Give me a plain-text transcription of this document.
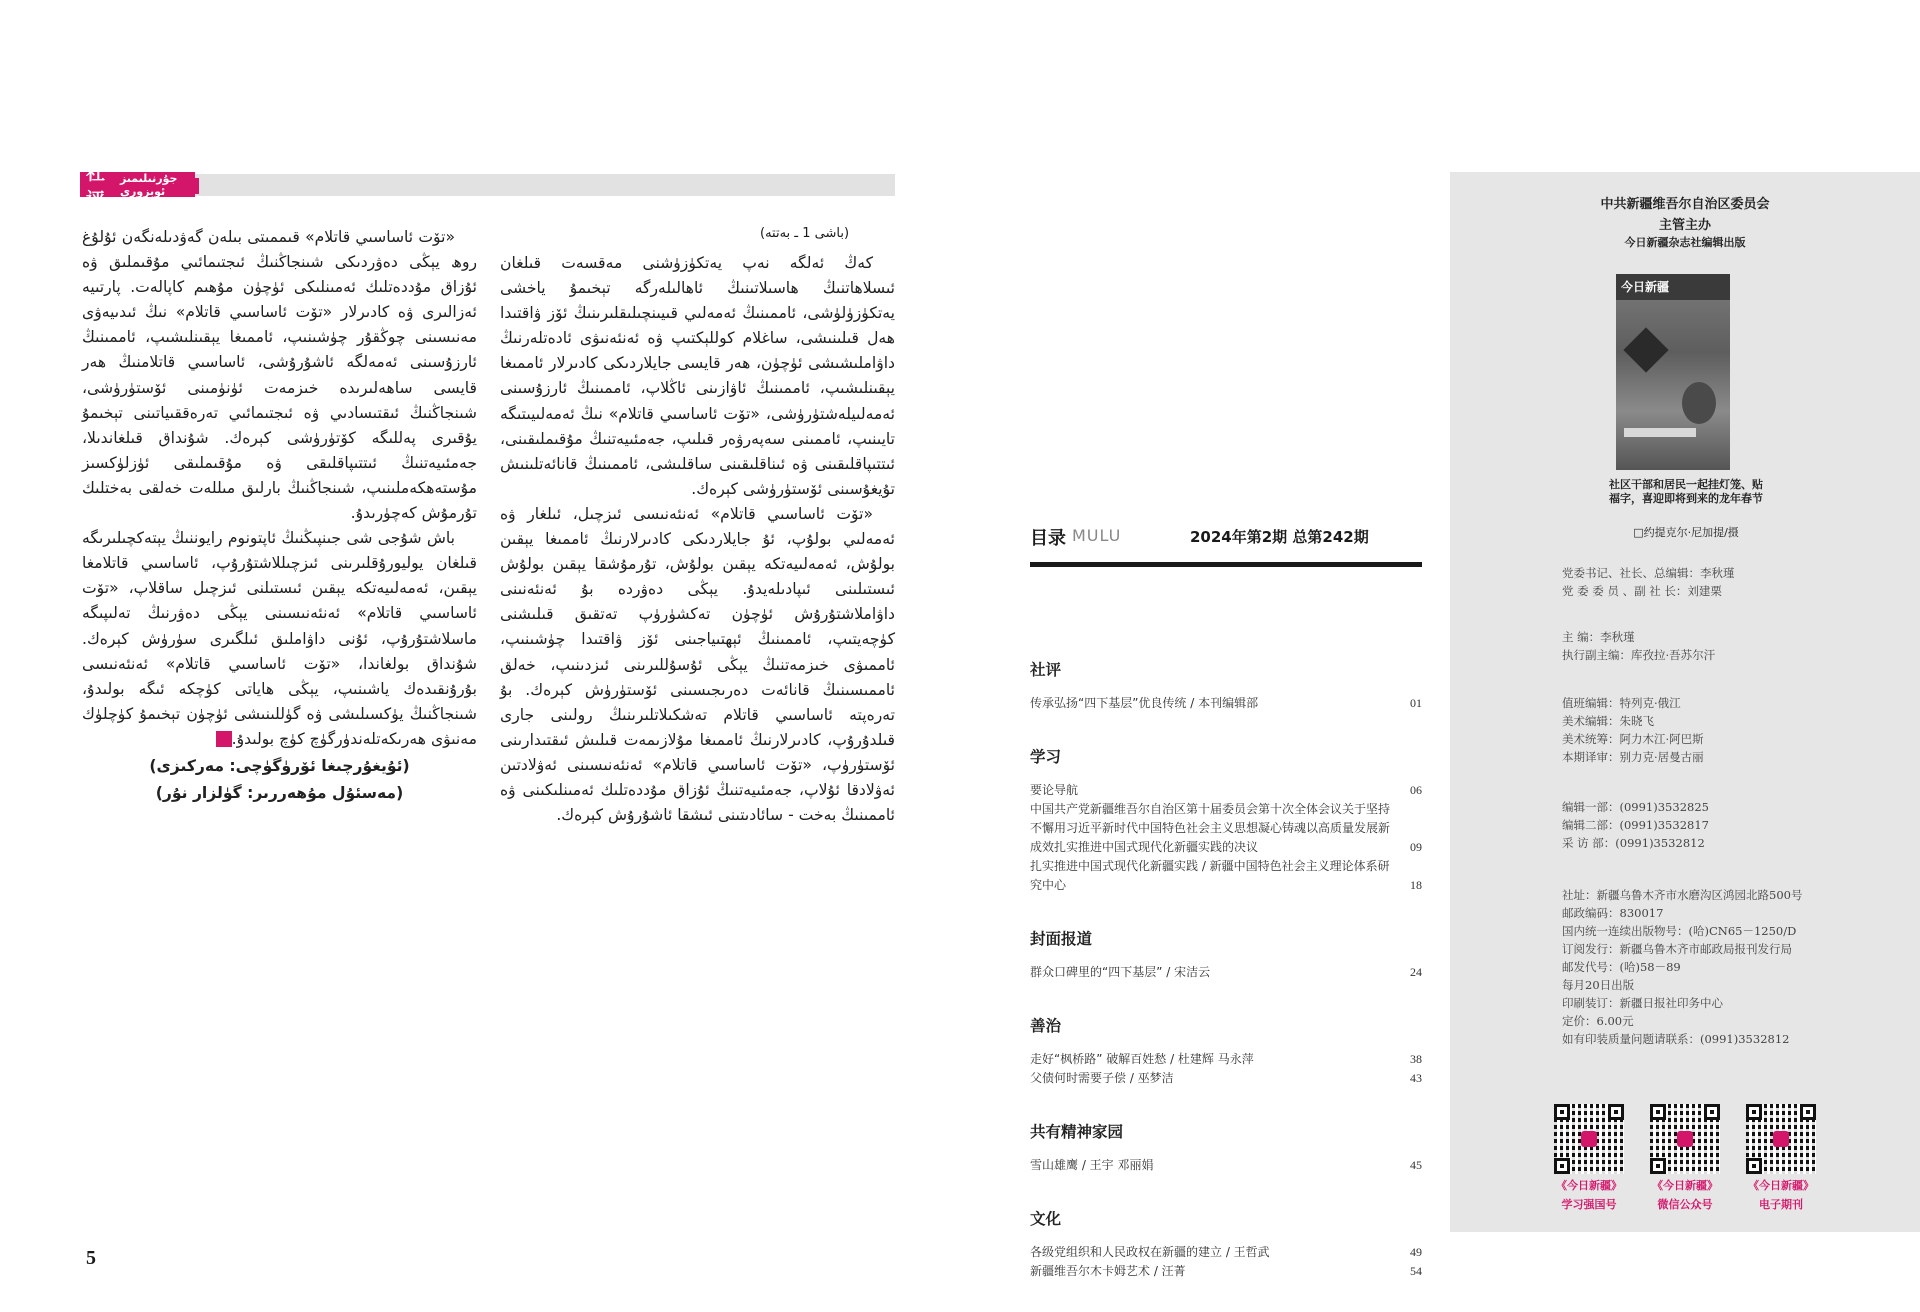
社评
جۇرنىلىمىز ئوبزورى
(باشى 1 ـ بەتتە)

كەڭ ئەلگە نەپ يەتكۈزۈشنى مەقسەت قىلغان ئىسلاھاتنىڭ ھاسىلاتىنىڭ ئاھالىلەرگە تېخىمۇ ياخشى يەتكۈزۈلۈشى، ئاممىنىڭ ئەمەلىي قىيىنچىلىقلىرىنىڭ ئۆز ۋاقتىدا ھەل قىلىنىشى، ساغلام كوللېكتىپ ۋە ئەنئەنىۋى ئادەتلەرنىڭ داۋاملىشىشى ئۈچۈن، ھەر قايسى جايلاردىكى كادىرلار ئاممىغا يېقىنلىشىپ، ئاممىنىڭ ئاۋازىنى ئاڭلاپ، ئاممىنىڭ ئارزۇسىنى ئەمەلىيلەشتۈرۈشى، «تۆت ئاساسىي قاتلام» نىڭ ئەمەلىيىتىگە تايىنىپ، ئاممىنى سەپەرۋەر قىلىپ، جەمئىيەتنىڭ مۇقىملىقىنى، ئىتتىپاقلىقىنى ۋە ئىناقلىقىنى ساقلىشى، ئاممىنىڭ قانائەتلىنىش تۇيغۇسىنى ئۆستۈرۈشى كېرەك.

«تۆت ئاساسىي قاتلام» ئەنئەنىسى ئىزچىل، ئىلغار ۋە ئەمەلىي بولۇپ، ئۇ جايلاردىكى كادىرلارنىڭ ئاممىغا يېقىن بولۇش، ئەمەلىيەتكە يېقىن بولۇش، تۇرمۇشقا يېقىن بولۇش ئىستىلىنى ئىپادىلەيدۇ. يېڭى دەۋردە بۇ ئەنئەنىنى داۋاملاشتۇرۇش ئۈچۈن تەكشۈرۈپ تەتقىق قىلىشنى كۈچەيتىپ، ئاممىنىڭ ئېھتىياجىنى ئۆز ۋاقتىدا چۈشىنىپ، ئاممىۋى خىزمەتنىڭ يېڭى ئۇسۇللىرىنى ئىزدىنىپ، خەلق ئاممىسىنىڭ قانائەت دەرىجىسىنى ئۆستۈرۈش كېرەك. بۇ تەرەپتە ئاساسىي قاتلام تەشكىلاتلىرىنىڭ رولىنى جارى قىلدۇرۇپ، كادىرلارنىڭ ئاممىغا مۇلازىمەت قىلىش ئىقتىدارىنى ئۆستۈرۈپ، «تۆت ئاساسىي قاتلام» ئەنئەنىسىنى ئەۋلادتىن ئەۋلادقا ئۇلاپ، جەمئىيەتنىڭ ئۇزاق مۇددەتلىك ئەمىنلىكىنى ۋە ئاممىنىڭ بەخت - سائادىتىنى ئىشقا ئاشۇرۇش كېرەك.

«تۆت ئاساسىي قاتلام» قىممىتى بىلەن گەۋدىلەنگەن ئۇلۇغ روھ يېڭى دەۋردىكى شىنجاڭنىڭ ئىجتىمائىي مۇقىملىق ۋە ئۇزاق مۇددەتلىك ئەمىنلىكى ئۈچۈن مۇھىم كاپالەت. پارتىيە ئەزالىرى ۋە كادىرلار «تۆت ئاساسىي قاتلام» نىڭ ئىدىيەۋى مەنىسىنى چوڭقۇر چۈشىنىپ، ئاممىغا يېقىنلىشىپ، ئاممىنىڭ ئارزۇسىنى ئەمەلگە ئاشۇرۇشى، ئاساسىي قاتلامنىڭ ھەر قايسى ساھەلىرىدە خىزمەت ئۈنۈمىنى ئۆستۈرۈشى، شىنجاڭنىڭ ئىقتىسادىي ۋە ئىجتىمائىي تەرەققىياتىنى تېخىمۇ يۇقىرى پەللىگە كۆتۈرۈشى كېرەك. شۇنداق قىلغاندىلا، جەمئىيەتنىڭ ئىتتىپاقلىقى ۋە مۇقىملىقى ئۈزلۈكسىز مۇستەھكەملىنىپ، شىنجاڭنىڭ بارلىق مىللەت خەلقى بەختلىك تۇرمۇش كەچۈرىدۇ.

باش شۇجى شى جىنپىڭنىڭ ئاپتونوم رايوننىڭ يېتەكچىلىرىگە قىلغان يوليورۇقلىرىنى ئىزچىللاشتۇرۇپ، ئاساسىي قاتلامغا يېقىن، ئەمەلىيەتكە يېقىن ئىستىلنى ئىزچىل ساقلاپ، «تۆت ئاساسىي قاتلام» ئەنئەنىسىنى يېڭى دەۋرنىڭ تەلىپىگە ماسلاشتۇرۇپ، ئۇنى داۋاملىق ئىلگىرى سۈرۈش كېرەك. شۇنداق بولغاندا، «تۆت ئاساسىي قاتلام» ئەنئەنىسى بۇرۇنقىدەك ياشىنىپ، يېڭى ھاياتى كۈچكە ئىگە بولىدۇ، شىنجاڭنىڭ يۈكسىلىشى ۋە گۈللىنىشى ئۈچۈن تېخىمۇ كۈچلۈك مەنىۋى ھەرىكەتلەندۈرگۈچ كۈچ بولىدۇ.ل

(ئۇيغۇرچىغا ئۆرۈگۈچى: مەركىزى)
(مەسئۇل مۇھەررىر: گۈلزار نۇر)
5
目录 MULU	2024年第2期 总第242期
社评
传承弘扬“四下基层”优良传统 / 本刊编辑部	01
学习
要论导航	06
中国共产党新疆维吾尔自治区第十届委员会第十次全体会议关于坚持不懈用习近平新时代中国特色社会主义思想凝心铸魂以高质量发展新成效扎实推进中国式现代化新疆实践的决议	09
扎实推进中国式现代化新疆实践 / 新疆中国特色社会主义理论体系研究中心	18
封面报道
群众口碑里的“四下基层” / 宋洁云	24
善治
走好“枫桥路” 破解百姓愁 / 杜建辉 马永萍	38
父债何时需要子偿 / 巫梦洁	43
共有精神家园
雪山雄鹰 / 王宇 邓丽娟	45
文化
各级党组织和人民政权在新疆的建立 / 王哲武	49
新疆维吾尔木卡姆艺术 / 汪菁	54
中共新疆维吾尔自治区委员会
主管主办
今日新疆杂志社编辑出版
今日新疆
社区干部和居民一起挂灯笼、贴福字，喜迎即将到来的龙年春节
□约提克尔·尼加提/摄
党委书记、社长、总编辑：李秋瑾
党 委 委 员 、副 社 长：刘建栗
主 编：李秋瑾
执行副主编：库孜拉·吾苏尔汗
值班编辑：特列克·俄江
美术编辑：朱晓飞
美术统筹：阿力木江·阿巴斯
本期译审：别力克·居曼古丽
编辑一部：(0991)3532825
编辑二部：(0991)3532817
采 访 部：(0991)3532812
社址：新疆乌鲁木齐市水磨沟区鸿园北路500号
邮政编码：830017
国内统一连续出版物号：(哈)CN65－1250/D
订阅发行：新疆乌鲁木齐市邮政局报刊发行局
邮发代号：(哈)58－89
每月20日出版
印刷装订：新疆日报社印务中心
定价：6.00元
如有印装质量问题请联系：(0991)3532812
《今日新疆》
学习强国号
《今日新疆》
微信公众号
《今日新疆》
电子期刊
